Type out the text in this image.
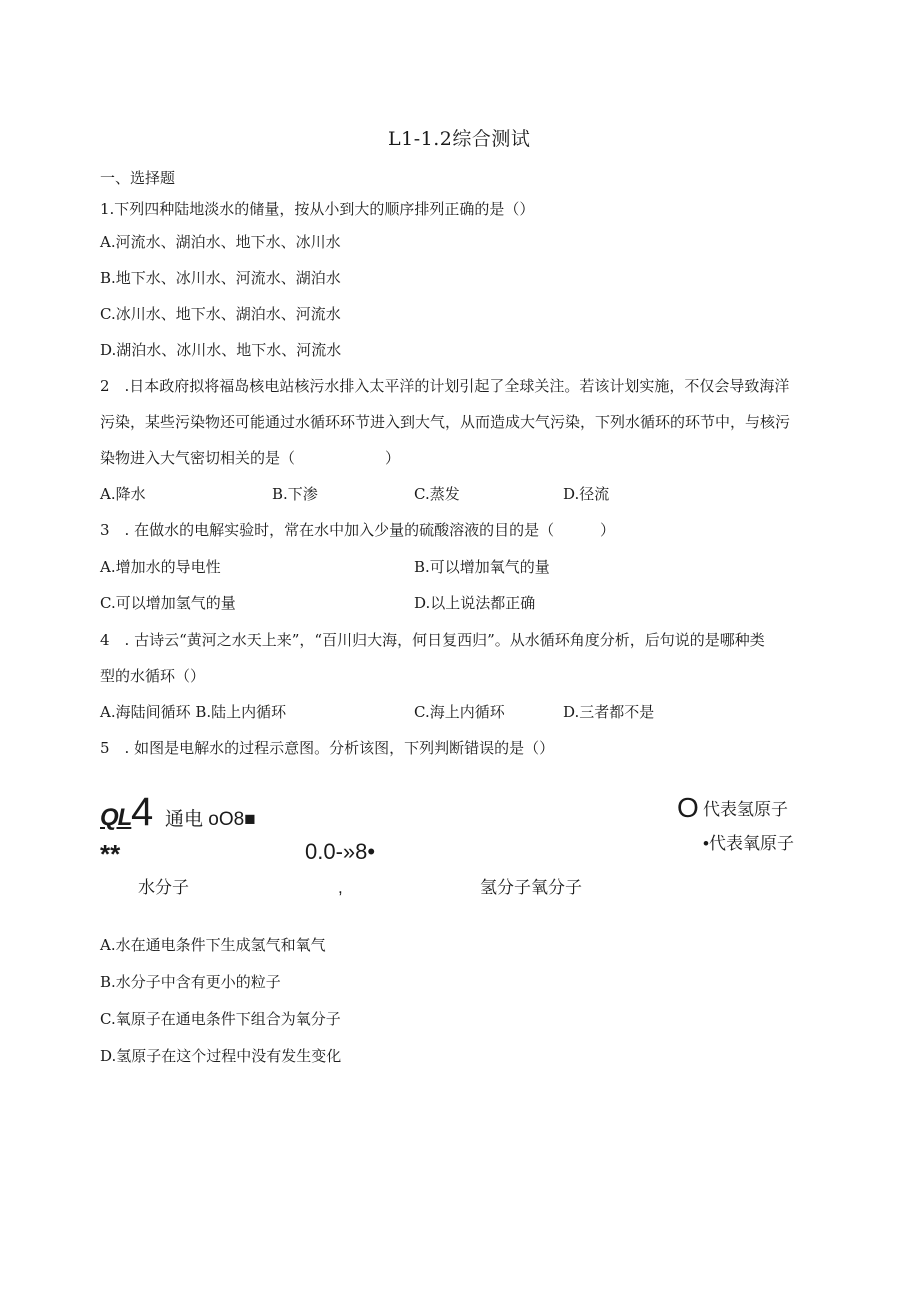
L1-1.2综合测试
一、选择题
1.下列四种陆地淡水的储量，按从小到大的顺序排列正确的是（）
A.河流水、湖泊水、地下水、冰川水
B.地下水、冰川水、河流水、湖泊水
C.冰川水、地下水、湖泊水、河流水
D.湖泊水、冰川水、地下水、河流水
2　.日本政府拟将福岛核电站核污水排入太平洋的计划引起了全球关注。若该计划实施，不仅会导致海洋
污染，某些污染物还可能通过水循环环节进入到大气，从而造成大气污染，下列水循环的环节中，与核污
染物进入大气密切相关的是（	）
A.降水	B.下渗	C.蒸发	D.径流
3　. 在做水的电解实验时，常在水中加入少量的硫酸溶液的目的是（	）
A.增加水的导电性	B.可以增加氧气的量
C.可以增加氢气的量	D.以上说法都正确
4　. 古诗云“黄河之水天上来”，“百川归大海，何日复西归”。从水循环角度分析，后句说的是哪种类
型的水循环（）
A.海陆间循环 B.陆上内循环	C.海上内循环	D.三者都不是
5　. 如图是电解水的过程示意图。分析该图，下列判断错误的是（）
QL 4 通电 oO8■
**	0.0‑»8•
O 代表氢原子
•代表氧原子
水分子	,	氢分子氧分子
A.水在通电条件下生成氢气和氧气
B.水分子中含有更小的粒子
C.氧原子在通电条件下组合为氧分子
D.氢原子在这个过程中没有发生变化
